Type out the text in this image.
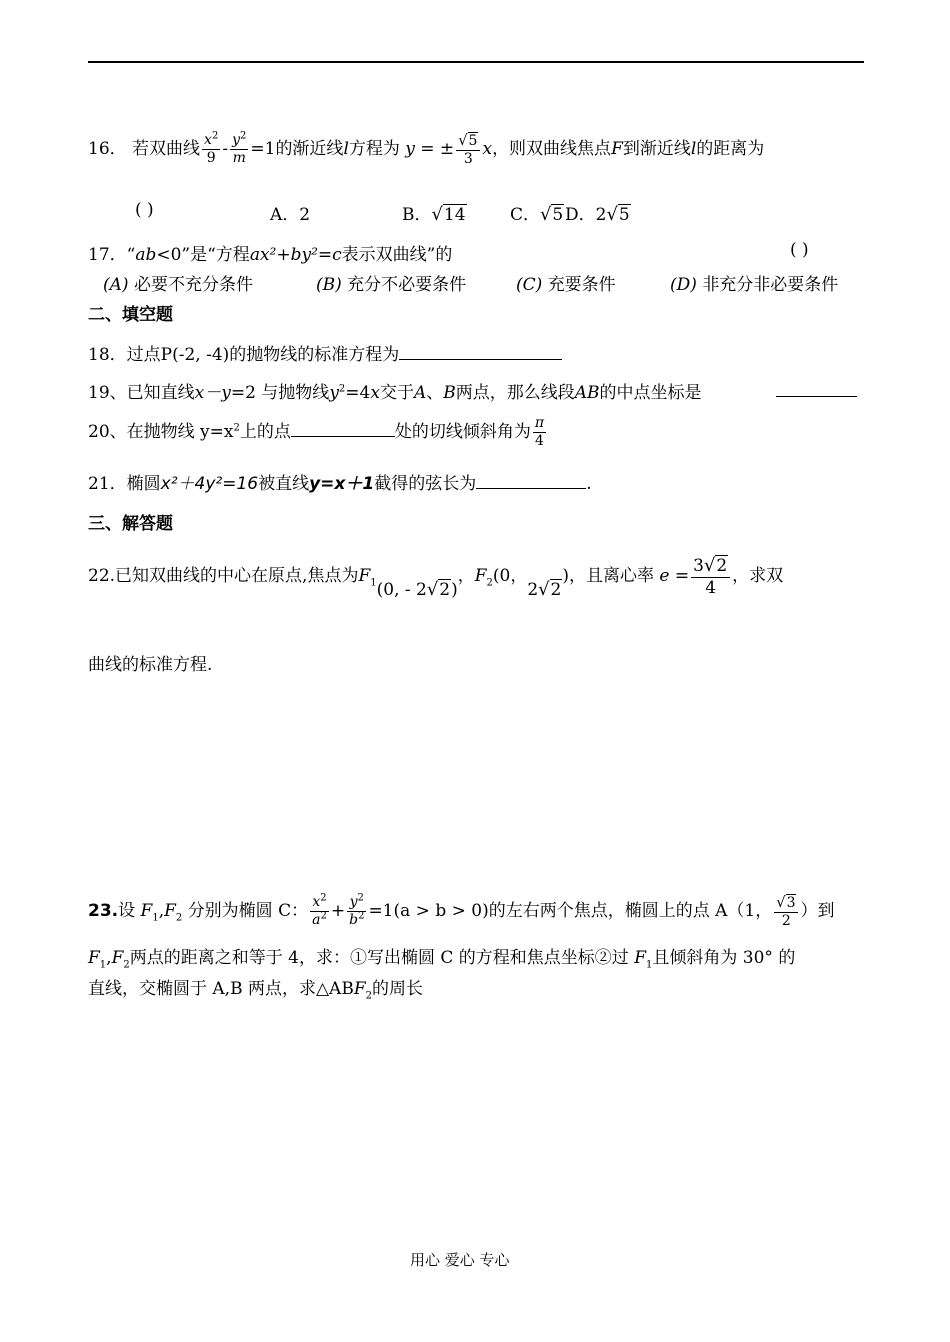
16． 若双曲线 $\frac{x^2}{9} - \frac{y^2}{m} =1$的渐近线l方程为 y = ± $\frac{√5}{3}$ x，则双曲线焦点F到渐近线l的距离为
( )	A．2	B．√14	C．√5 D．2√5
17．“ab<0”是“方程ax²+by²=c表示双曲线”的	( )
(A) 必要不充分条件	(B) 充分不必要条件	(C) 充要条件	(D) 非充分非必要条件
二、填空题
18．过点P(-2, -4)的抛物线的标准方程为
19、已知直线x－y=2 与抛物线$y^2=4x$交于A、B两点，那么线段AB的中点坐标是
20、在抛物线 $y=x^2$上的点	处的切线倾斜角为 $\frac{\pi}{4}$
21．椭圆x²＋4y²=16被直线y=x＋1截得的弦长为	.
三、解答题
22.已知双曲线的中心在原点,焦点为$F_1(0$, - 2√2)，$F_2(0$，2√2)，且离心率 $e = \frac{3√2}{4}$ ，求双
曲线的标准方程.
23.设 $F_1,F_2$ 分别为椭圆 C： $\frac{x^2}{a^2} + \frac{y^2}{b^2} =1(a > b > 0)$的左右两个焦点，椭圆上的点 A（1， $\frac{√3}{2}$ ）到
$F_1,F_2$两点的距离之和等于 4，求：①写出椭圆 C 的方程和焦点坐标②过 $F_1$且倾斜角为 30° 的
直线，交椭圆于 A,B 两点，求$\triangle ABF_2$的周长
用心 爱心 专心
